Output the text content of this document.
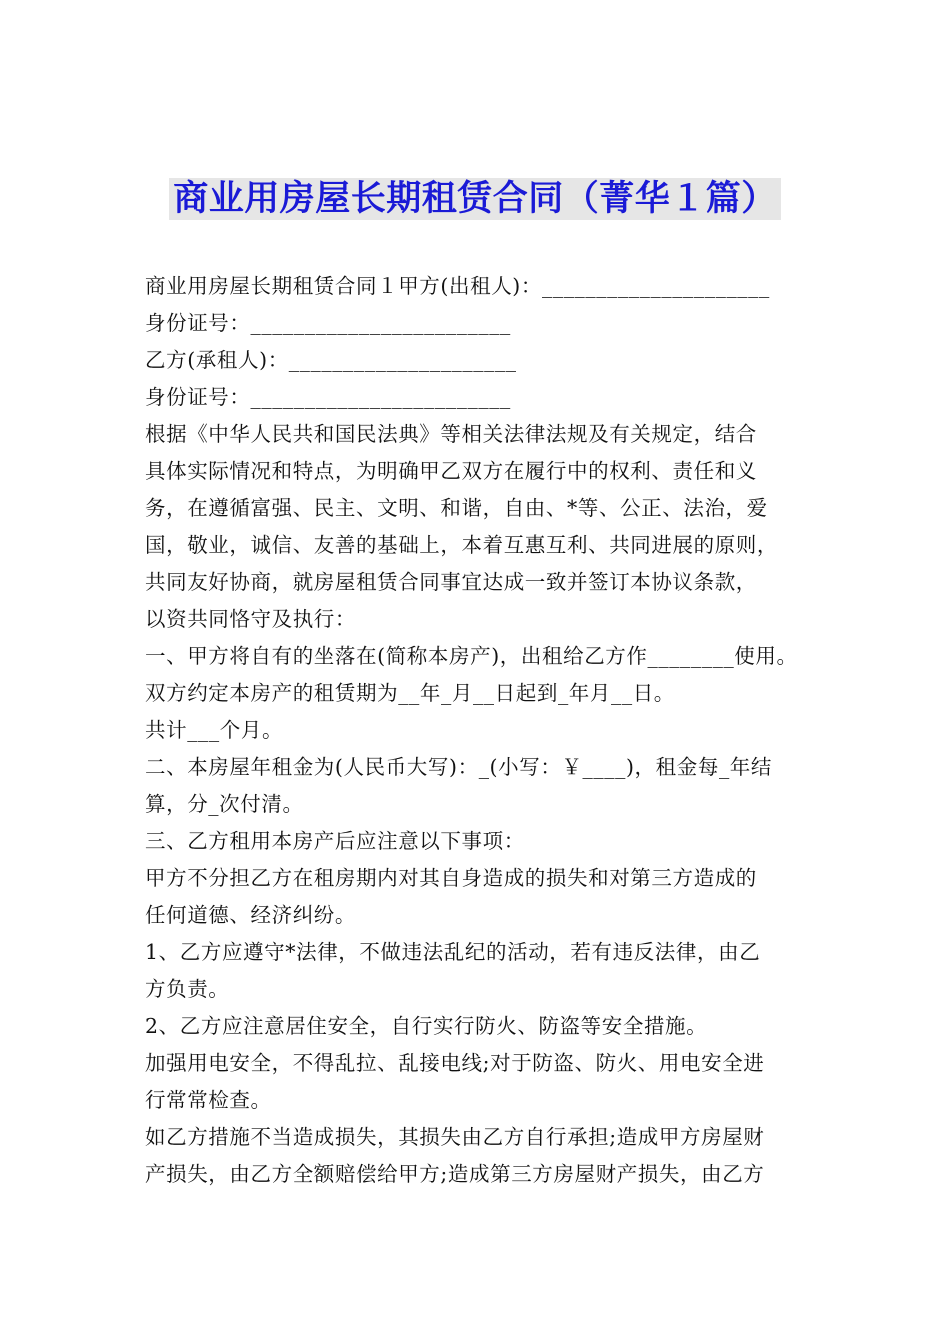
商业用房屋长期租赁合同（菁华１篇）
商业用房屋长期租赁合同１甲方(出租人)：_____________________
身份证号：________________________
乙方(承租人)：_____________________
身份证号：________________________
根据《中华人民共和国民法典》等相关法律法规及有关规定，结合
具体实际情况和特点，为明确甲乙双方在履行中的权利、责任和义
务，在遵循富强、民主、文明、和谐，自由、*等、公正、法治，爱
国，敬业，诚信、友善的基础上，本着互惠互利、共同进展的原则，
共同友好协商，就房屋租赁合同事宜达成一致并签订本协议条款，
以资共同恪守及执行：
一、甲方将自有的坐落在(简称本房产)，出租给乙方作________使用。
双方约定本房产的租赁期为__年_月__日起到_年月__日。
共计___个月。
二、本房屋年租金为(人民币大写)：_(小写：￥____)，租金每_年结
算，分_次付清。
三、乙方租用本房产后应注意以下事项：
甲方不分担乙方在租房期内对其自身造成的损失和对第三方造成的
任何道德、经济纠纷。
1、乙方应遵守*法律，不做违法乱纪的活动，若有违反法律，由乙
方负责。
2、乙方应注意居住安全，自行实行防火、防盗等安全措施。
加强用电安全，不得乱拉、乱接电线;对于防盗、防火、用电安全进
行常常检查。
如乙方措施不当造成损失，其损失由乙方自行承担;造成甲方房屋财
产损失，由乙方全额赔偿给甲方;造成第三方房屋财产损失，由乙方
